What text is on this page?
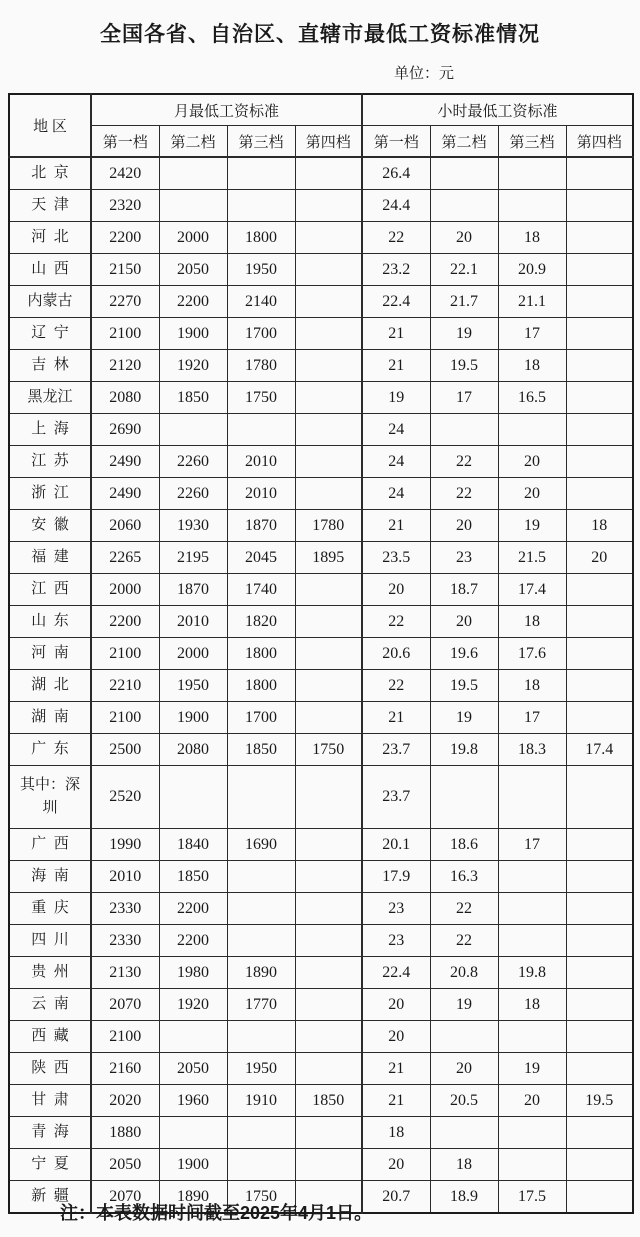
全国各省、自治区、直辖市最低工资标准情况
单位：元
地 区	月最低工资标准				小时最低工资标准			
	第一档	第二档	第三档	第四档	第一档	第二档	第三档	第四档
北京	2420				26.4			
天津	2320				24.4			
河北	2200	2000	1800		22	20	18	
山西	2150	2050	1950		23.2	22.1	20.9	
内蒙古	2270	2200	2140		22.4	21.7	21.1	
辽宁	2100	1900	1700		21	19	17	
吉林	2120	1920	1780		21	19.5	18	
黑龙江	2080	1850	1750		19	17	16.5	
上海	2690				24			
江苏	2490	2260	2010		24	22	20	
浙江	2490	2260	2010		24	22	20	
安徽	2060	1930	1870	1780	21	20	19	18
福建	2265	2195	2045	1895	23.5	23	21.5	20
江西	2000	1870	1740		20	18.7	17.4	
山东	2200	2010	1820		22	20	18	
河南	2100	2000	1800		20.6	19.6	17.6	
湖北	2210	1950	1800		22	19.5	18	
湖南	2100	1900	1700		21	19	17	
广东	2500	2080	1850	1750	23.7	19.8	18.3	17.4
其中：深圳	2520				23.7			
广西	1990	1840	1690		20.1	18.6	17	
海南	2010	1850			17.9	16.3		
重庆	2330	2200			23	22		
四川	2330	2200			23	22		
贵州	2130	1980	1890		22.4	20.8	19.8	
云南	2070	1920	1770		20	19	18	
西藏	2100				20			
陕西	2160	2050	1950		21	20	19	
甘肃	2020	1960	1910	1850	21	20.5	20	19.5
青海	1880				18			
宁夏	2050	1900			20	18		
新疆	2070	1890	1750		20.7	18.9	17.5	
注：本表数据时间截至2025年4月1日。
